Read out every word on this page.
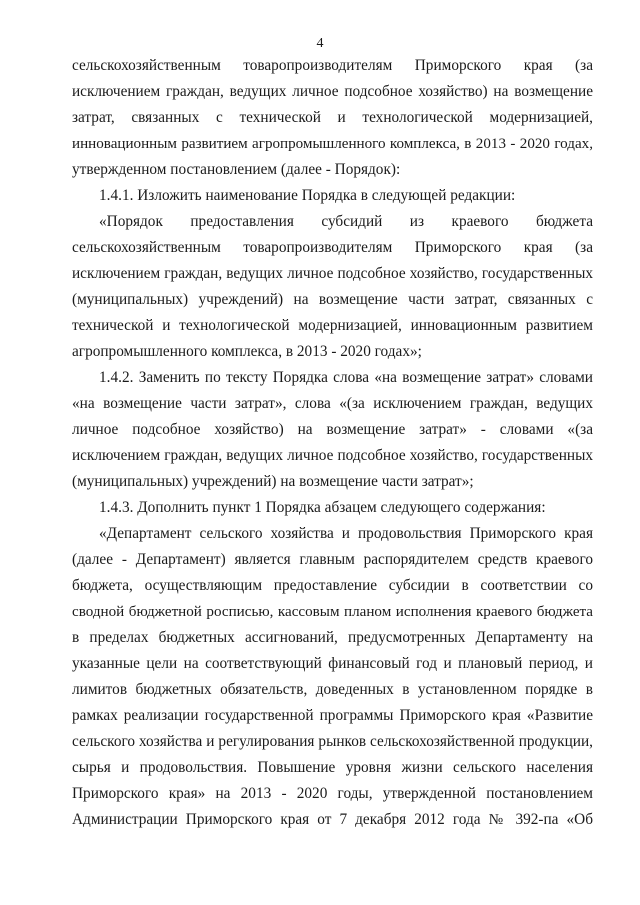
4
сельскохозяйственным товаропроизводителям Приморского края (за
исключением граждан, ведущих личное подсобное хозяйство) на возмещение
затрат, связанных с технической и технологической модернизацией,
инновационным развитием агропромышленного комплекса, в 2013 - 2020 годах,
утвержденном постановлением (далее - Порядок):
1.4.1. Изложить наименование Порядка в следующей редакции:
«Порядок предоставления субсидий из краевого бюджета
сельскохозяйственным товаропроизводителям Приморского края (за
исключением граждан, ведущих личное подсобное хозяйство, государственных
(муниципальных) учреждений) на возмещение части затрат, связанных с
технической и технологической модернизацией, инновационным развитием
агропромышленного комплекса, в 2013 - 2020 годах»;
1.4.2. Заменить по тексту Порядка слова «на возмещение затрат» словами
«на возмещение части затрат», слова «(за исключением граждан, ведущих
личное подсобное хозяйство) на возмещение затрат» - словами «(за
исключением граждан, ведущих личное подсобное хозяйство, государственных
(муниципальных) учреждений) на возмещение части затрат»;
1.4.3. Дополнить пункт 1 Порядка абзацем следующего содержания:
«Департамент сельского хозяйства и продовольствия Приморского края
(далее - Департамент) является главным распорядителем средств краевого
бюджета, осуществляющим предоставление субсидии в соответствии со
сводной бюджетной росписью, кассовым планом исполнения краевого бюджета
в пределах бюджетных ассигнований, предусмотренных Департаменту на
указанные цели на соответствующий финансовый год и плановый период, и
лимитов бюджетных обязательств, доведенных в установленном порядке в
рамках реализации государственной программы Приморского края «Развитие
сельского хозяйства и регулирования рынков сельскохозяйственной продукции,
сырья и продовольствия. Повышение уровня жизни сельского населения
Приморского края» на 2013 - 2020 годы, утвержденной постановлением
Администрации Приморского края от 7 декабря 2012 года № 392-па «Об
